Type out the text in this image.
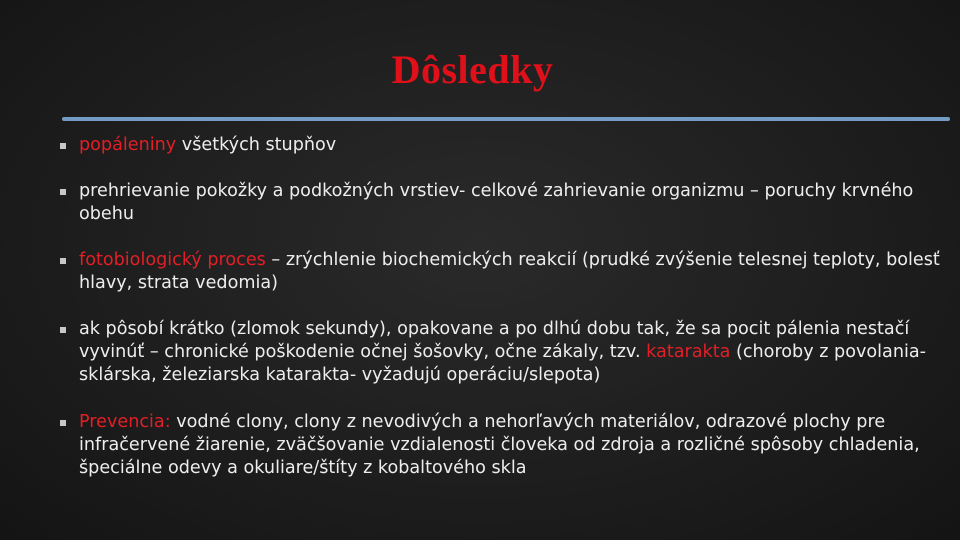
Dôsledky
popáleniny všetkých stupňov
prehrievanie pokožky a podkožných vrstiev- celkové zahrievanie organizmu – poruchy krvného obehu
fotobiologický proces – zrýchlenie biochemických reakcií (prudké zvýšenie telesnej teploty, bolesť hlavy, strata vedomia)
ak pôsobí krátko (zlomok sekundy), opakovane a po dlhú dobu tak, že sa pocit pálenia nestačí vyvinúť – chronické poškodenie očnej šošovky, očne zákaly, tzv. katarakta (choroby z povolania- sklárska, železiarska katarakta- vyžadujú operáciu/slepota)
Prevencia: vodné clony, clony z nevodivých a nehorľavých materiálov, odrazové plochy pre infračervené žiarenie, zväčšovanie vzdialenosti človeka od zdroja a rozličné spôsoby chladenia, špeciálne odevy a okuliare/štíty z kobaltového skla
